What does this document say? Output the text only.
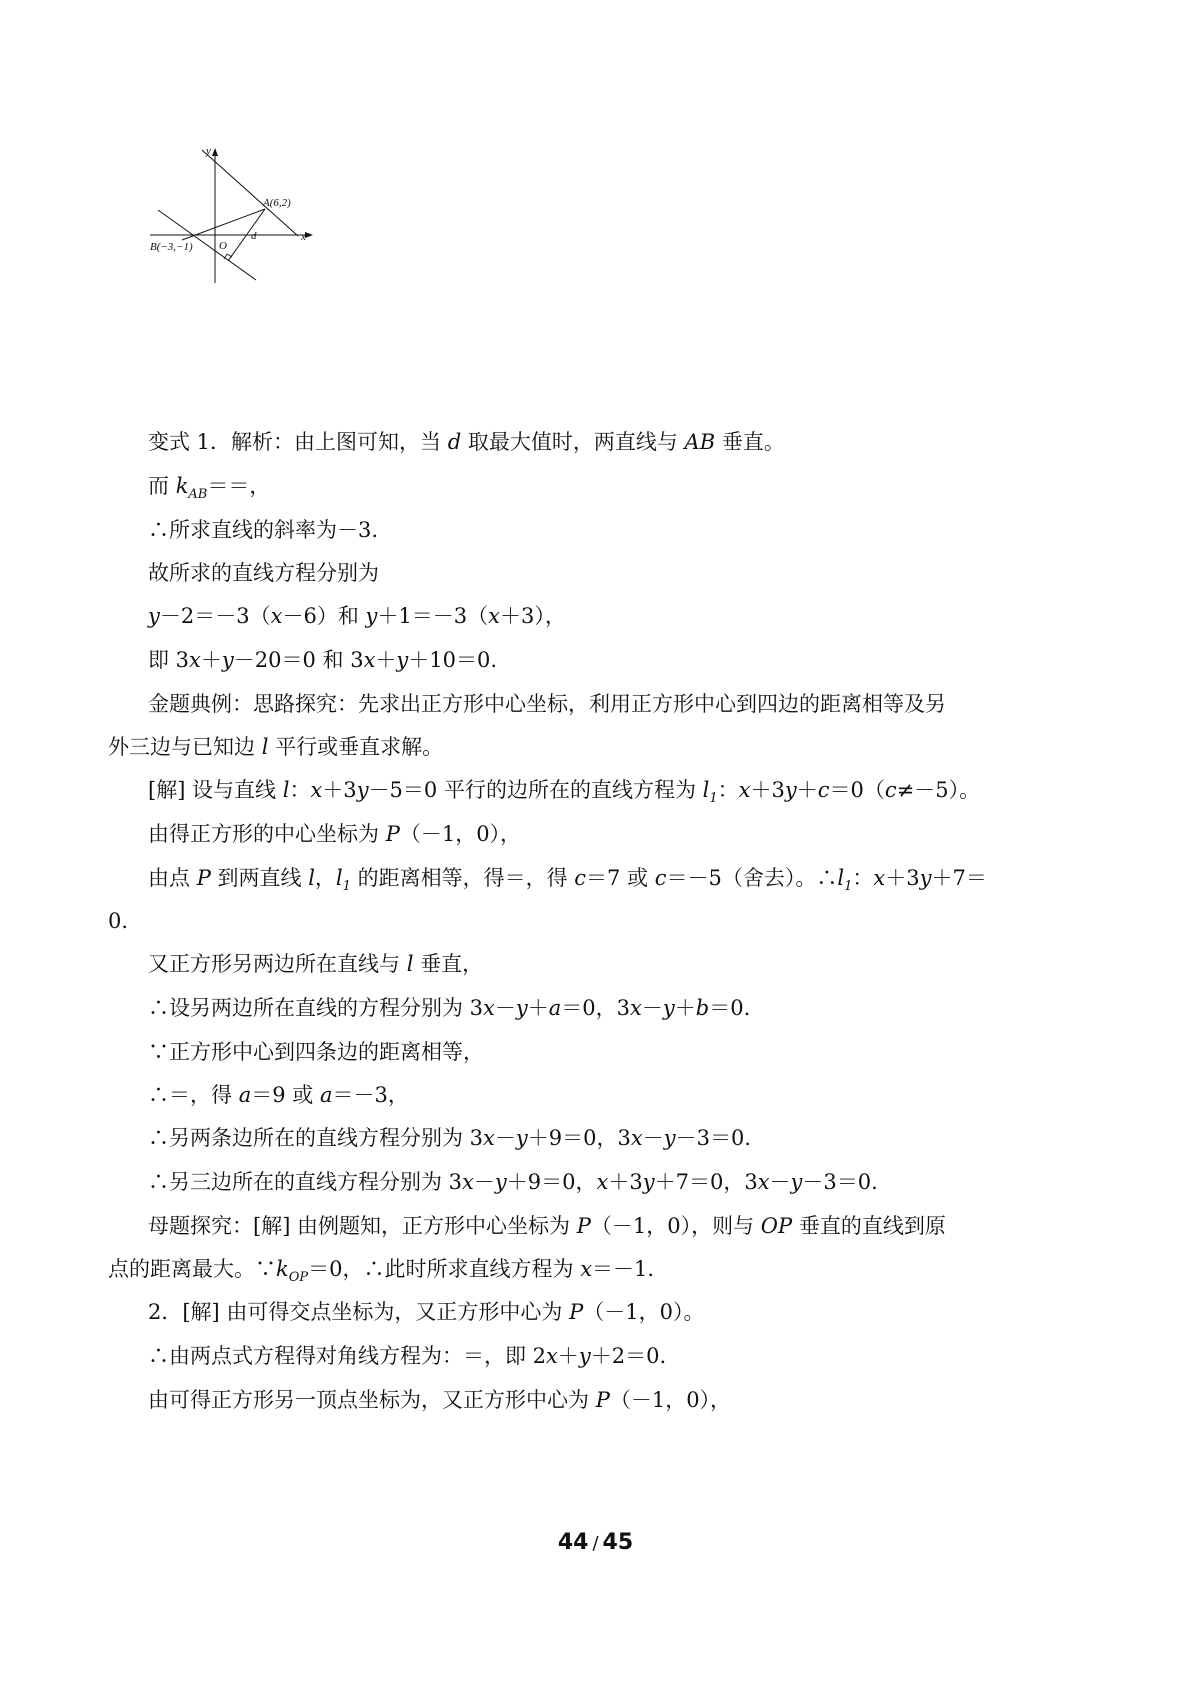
y
x
O
A(6,2)
B(−3,−1)
d
变式 1．解析：由上图可知，当 d 取最大值时，两直线与 AB 垂直。
而 $k_{AB}==$，
∴所求直线的斜率为－3.
故所求的直线方程分别为
y－2＝－3（x－6）和 y＋1＝－3（x＋3），
即 3x＋y－20＝0 和 3x＋y＋10＝0.
金题典例：思路探究：先求出正方形中心坐标，利用正方形中心到四边的距离相等及另
外三边与已知边 l 平行或垂直求解。
[解] 设与直线 l：x＋3y－5＝0 平行的边所在的直线方程为 $l_1$：x＋3y＋c＝0（c≠－5）。
由得正方形的中心坐标为 P（－1，0），
由点 P 到两直线 l，$l_1$ 的距离相等，得＝，得 c＝7 或 c＝－5（舍去）。$\therefore l_1$：x＋3y＋7＝
0.
又正方形另两边所在直线与 l 垂直，
∴设另两边所在直线的方程分别为 3x－y＋a＝0，3x－y＋b＝0.
∵正方形中心到四条边的距离相等，
∴＝，得 a＝9 或 a＝－3，
∴另两条边所在的直线方程分别为 3x－y＋9＝0，3x－y－3＝0.
∴另三边所在的直线方程分别为 3x－y＋9＝0，x＋3y＋7＝0，3x－y－3＝0.
母题探究：[解] 由例题知，正方形中心坐标为 P（－1，0），则与 OP 垂直的直线到原
点的距离最大。$\because k_{OP}=0$，∴此时所求直线方程为 x＝－1.
2．[解] 由可得交点坐标为，又正方形中心为 P（－1，0）。
∴由两点式方程得对角线方程为：＝，即 2x＋y＋2＝0.
由可得正方形另一顶点坐标为，又正方形中心为 P（－1，0），
44 / 45
